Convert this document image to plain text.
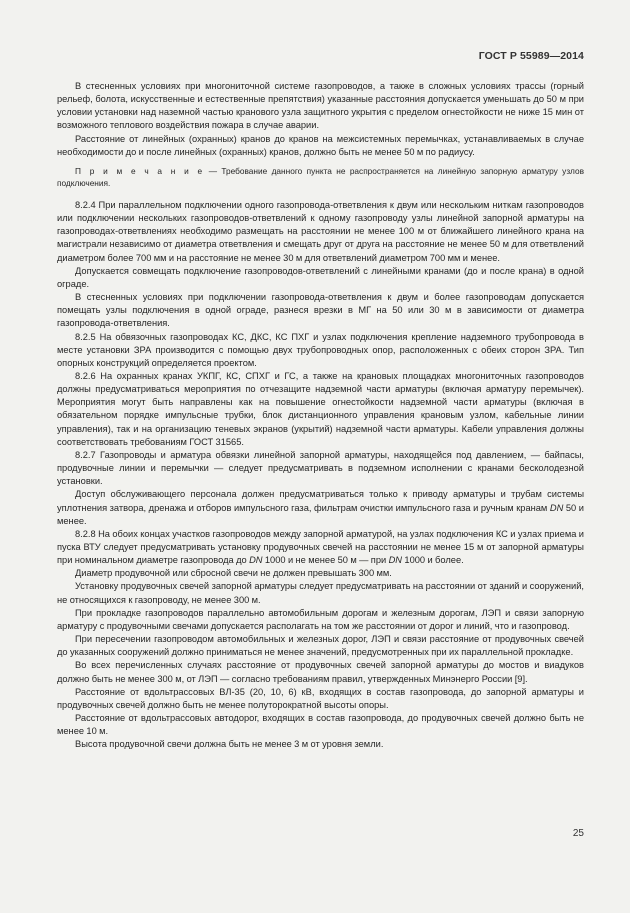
ГОСТ Р 55989—2014

В стесненных условиях при многониточной системе газопроводов, а также в сложных условиях трассы (горный рельеф, болота, искусственные и естественные препятствия) указанные расстояния допускается уменьшать до 50 м при условии установки над наземной частью кранового узла защитного укрытия с пределом огнестойкости не ниже 15 мин от возможного теплового воздействия пожара в случае аварии.

Расстояние от линейных (охранных) кранов до кранов на межсистемных перемычках, устанавливаемых в случае необходимости до и после линейных (охранных) кранов, должно быть не менее 50 м по радиусу.

П р и м е ч а н и е — Требование данного пункта не распространяется на линейную запорную арматуру узлов подключения.

8.2.4 При параллельном подключении одного газопровода-ответвления к двум или нескольким ниткам газопроводов или подключении нескольких газопроводов-ответвлений к одному газопроводу узлы линейной запорной арматуры на газопроводах-ответвлениях необходимо размещать на расстоянии не менее 100 м от ближайшего линейного крана на магистрали независимо от диаметра ответвления и смещать друг от друга на расстояние не менее 50 м для ответвлений диаметром более 700 мм и на расстояние не менее 30 м для ответвлений диаметром 700 мм и менее.

Допускается совмещать подключение газопроводов-ответвлений с линейными кранами (до и после крана) в одной ограде.

В стесненных условиях при подключении газопровода-ответвления к двум и более газопроводам допускается помещать узлы подключения в одной ограде, разнеся врезки в МГ на 50 или 30 м в зависимости от диаметра газопровода-ответвления.

8.2.5 На обвязочных газопроводах КС, ДКС, КС ПХГ и узлах подключения крепление надземного трубопровода в месте установки ЗРА производится с помощью двух трубопроводных опор, расположенных с обеих сторон ЗРА. Тип опорных конструкций определяется проектом.

8.2.6 На охранных кранах УКПГ, КС, СПХГ и ГС, а также на крановых площадках многониточных газопроводов должны предусматриваться мероприятия по отчезащите надземной части арматуры (включая арматуру перемычек). Мероприятия могут быть направлены как на повышение огнестойкости надземной части арматуры (включая в обязательном порядке импульсные трубки, блок дистанционного управления крановым узлом, кабельные линии управления), так и на организацию теневых экранов (укрытий) надземной части арматуры. Кабели управления должны соответствовать требованиям ГОСТ 31565.

8.2.7 Газопроводы и арматура обвязки линейной запорной арматуры, находящейся под давлением, — байпасы, продувочные линии и перемычки — следует предусматривать в подземном исполнении с кранами бесколодезной установки.

Доступ обслуживающего персонала должен предусматриваться только к приводу арматуры и трубам системы уплотнения затвора, дренажа и отборов импульсного газа, фильтрам очистки импульсного газа и ручным кранам DN 50 и менее.

8.2.8 На обоих концах участков газопроводов между запорной арматурой, на узлах подключения КС и узлах приема и пуска ВТУ следует предусматривать установку продувочных свечей на расстоянии не менее 15 м от запорной арматуры при номинальном диаметре газопровода до DN 1000 и не менее 50 м — при DN 1000 и более.

Диаметр продувочной или сбросной свечи не должен превышать 300 мм.

Установку продувочных свечей запорной арматуры следует предусматривать на расстоянии от зданий и сооружений, не относящихся к газопроводу, не менее 300 м.

При прокладке газопроводов параллельно автомобильным дорогам и железным дорогам, ЛЭП и связи запорную арматуру с продувочными свечами допускается располагать на том же расстоянии от дорог и линий, что и газопровод.

При пересечении газопроводом автомобильных и железных дорог, ЛЭП и связи расстояние от продувочных свечей до указанных сооружений должно приниматься не менее значений, предусмотренных при их параллельной прокладке.

Во всех перечисленных случаях расстояние от продувочных свечей запорной арматуры до мостов и виадуков должно быть не менее 300 м, от ЛЭП — согласно требованиям правил, утвержденных Минэнерго России [9].

Расстояние от вдольтрассовых ВЛ-35 (20, 10, 6) кВ, входящих в состав газопровода, до запорной арматуры и продувочных свечей должно быть не менее полуторократной высоты опоры.

Расстояние от вдольтрассовых автодорог, входящих в состав газопровода, до продувочных свечей должно быть не менее 10 м.

Высота продувочной свечи должна быть не менее 3 м от уровня земли.

25
